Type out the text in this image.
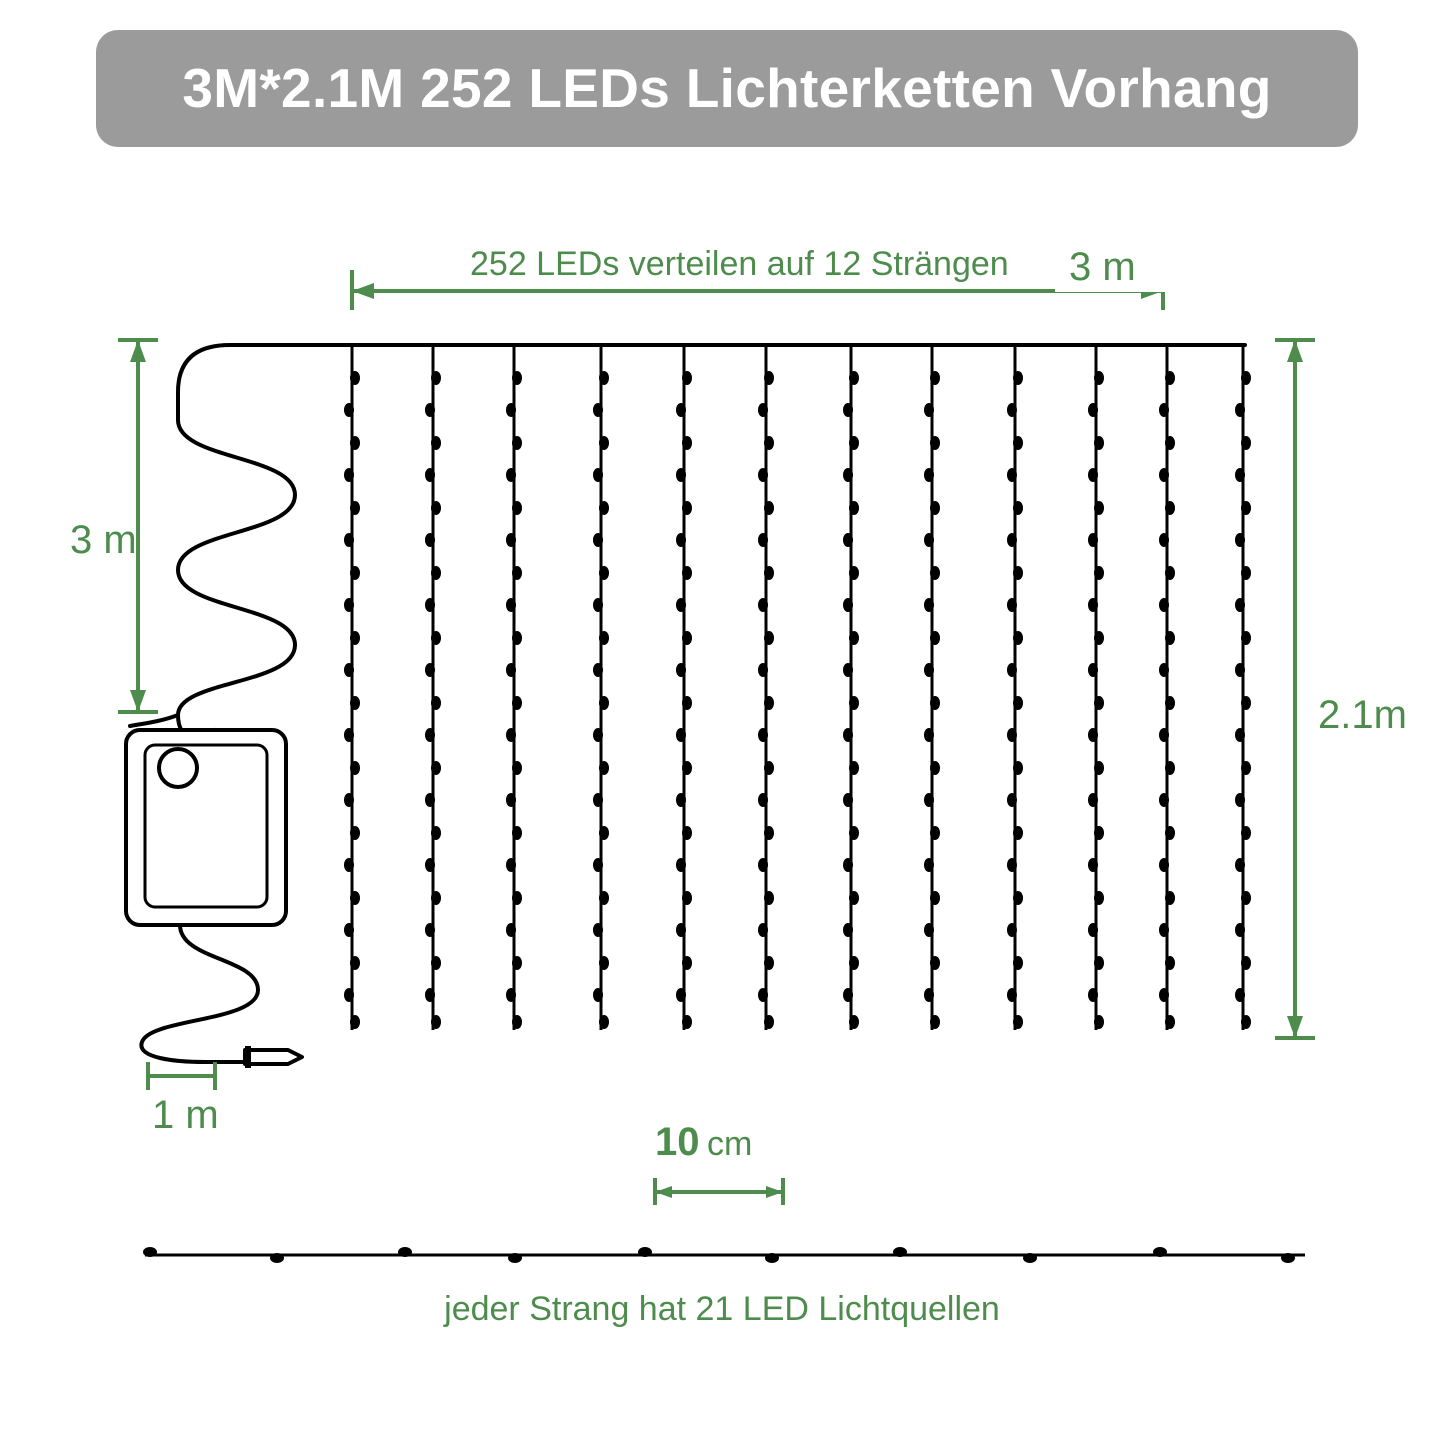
3M*2.1M 252 LEDs Lichterketten Vorhang
252 LEDs verteilen auf 12 Strängen 3 m
3 m
2.1m
1 m
10 cm
jeder Strang hat 21 LED Lichtquellen
